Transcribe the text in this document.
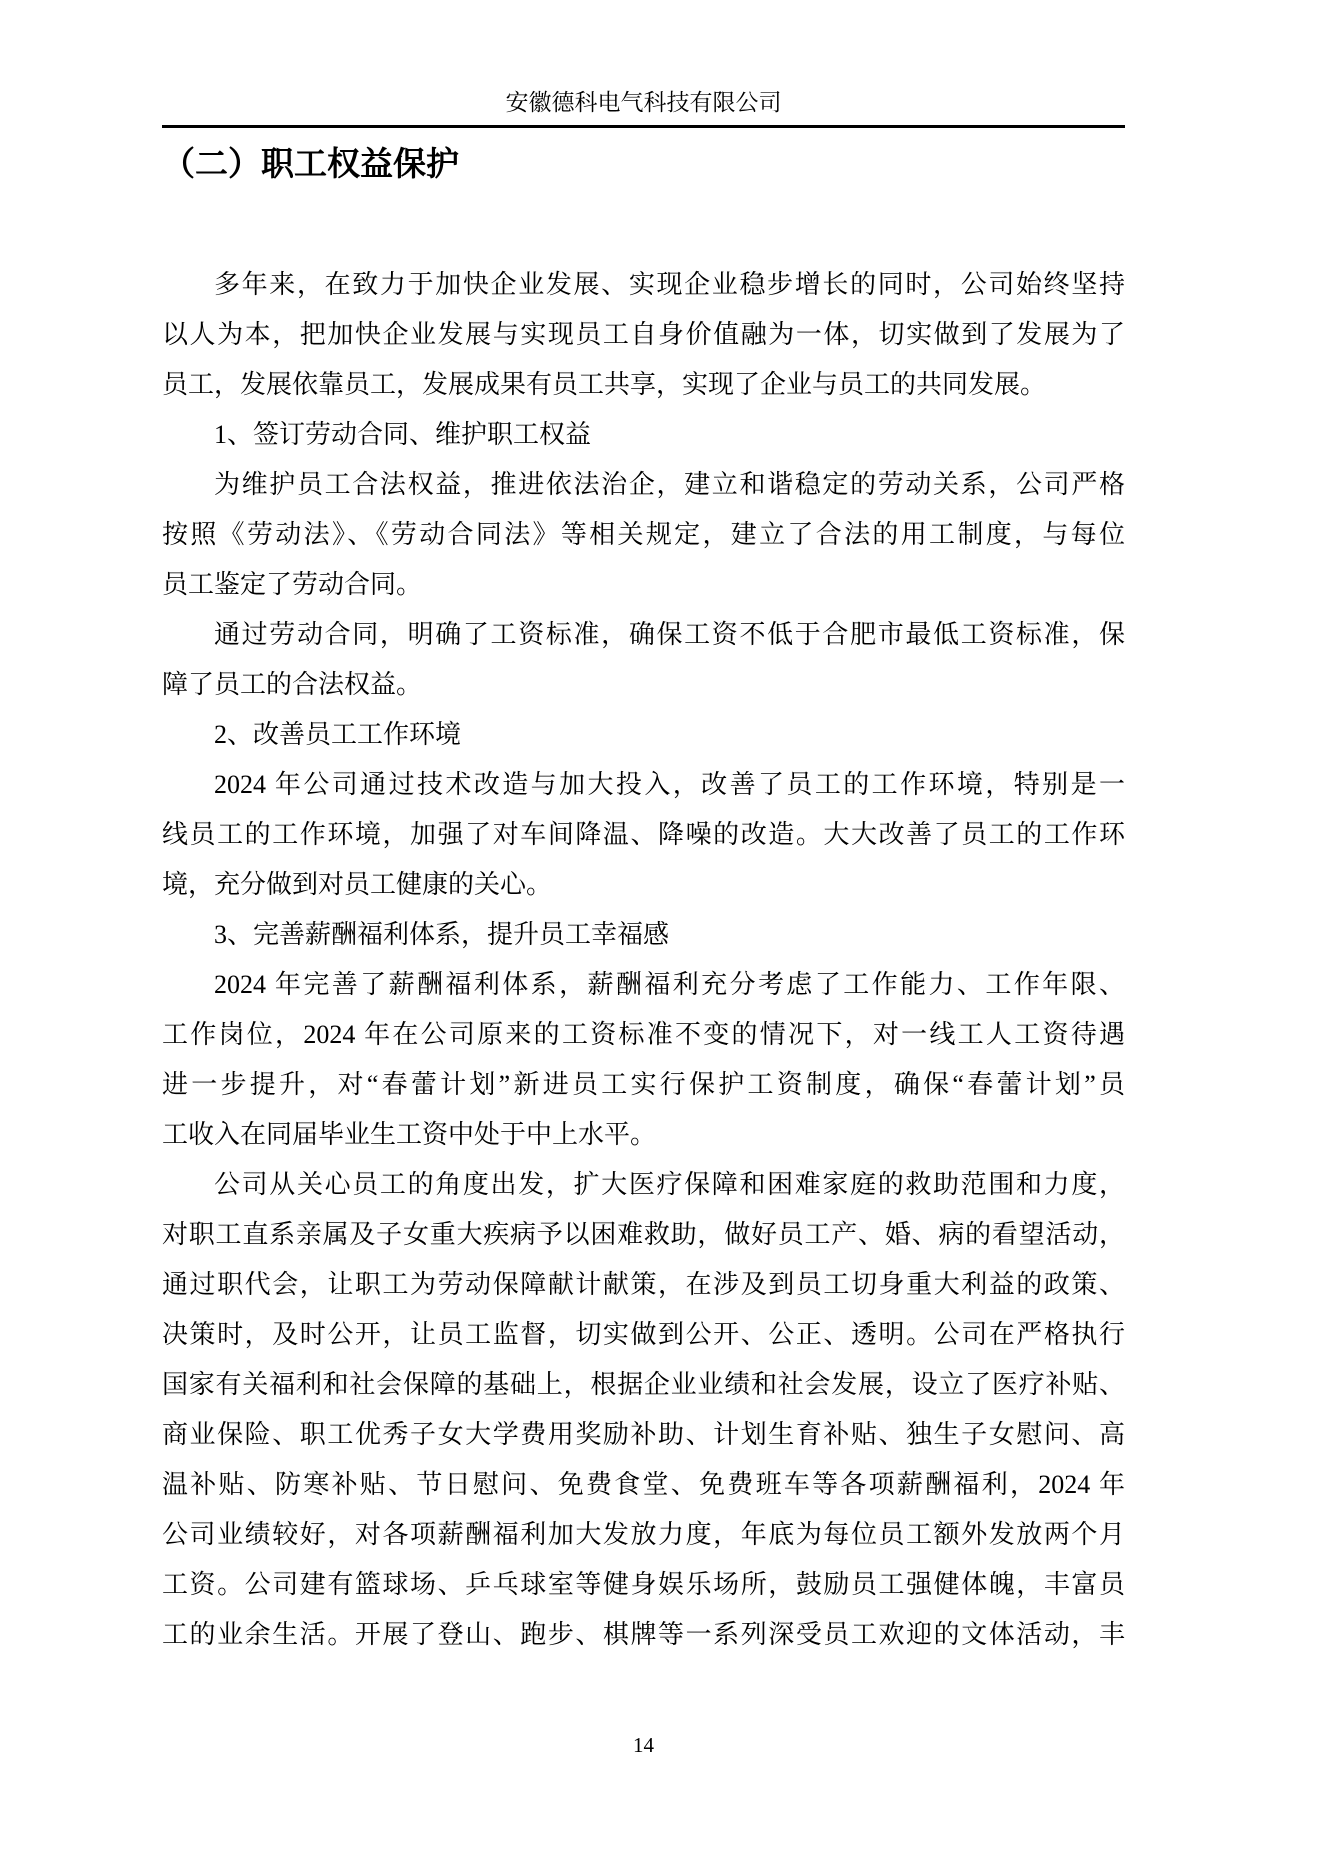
安徽德科电气科技有限公司
（二）职工权益保护
多年来，在致力于加快企业发展、实现企业稳步增长的同时，公司始终坚持
以人为本，把加快企业发展与实现员工自身价值融为一体，切实做到了发展为了
员工，发展依靠员工，发展成果有员工共享，实现了企业与员工的共同发展。
1、签订劳动合同、维护职工权益
为维护员工合法权益，推进依法治企，建立和谐稳定的劳动关系，公司严格
按照《劳动法》、《劳动合同法》等相关规定，建立了合法的用工制度，与每位
员工鉴定了劳动合同。
通过劳动合同，明确了工资标准，确保工资不低于合肥市最低工资标准，保
障了员工的合法权益。
2、改善员工工作环境
2024 年公司通过技术改造与加大投入，改善了员工的工作环境，特别是一
线员工的工作环境，加强了对车间降温、降噪的改造。大大改善了员工的工作环
境，充分做到对员工健康的关心。
3、完善薪酬福利体系，提升员工幸福感
2024 年完善了薪酬福利体系，薪酬福利充分考虑了工作能力、工作年限、
工作岗位，2024 年在公司原来的工资标准不变的情况下，对一线工人工资待遇
进一步提升，对“春蕾计划”新进员工实行保护工资制度，确保“春蕾计划”员
工收入在同届毕业生工资中处于中上水平。
公司从关心员工的角度出发，扩大医疗保障和困难家庭的救助范围和力度，
对职工直系亲属及子女重大疾病予以困难救助，做好员工产、婚、病的看望活动，
通过职代会，让职工为劳动保障献计献策，在涉及到员工切身重大利益的政策、
决策时，及时公开，让员工监督，切实做到公开、公正、透明。公司在严格执行
国家有关福利和社会保障的基础上，根据企业业绩和社会发展，设立了医疗补贴、
商业保险、职工优秀子女大学费用奖励补助、计划生育补贴、独生子女慰问、高
温补贴、防寒补贴、节日慰问、免费食堂、免费班车等各项薪酬福利，2024 年
公司业绩较好，对各项薪酬福利加大发放力度，年底为每位员工额外发放两个月
工资。公司建有篮球场、乒乓球室等健身娱乐场所，鼓励员工强健体魄，丰富员
工的业余生活。开展了登山、跑步、棋牌等一系列深受员工欢迎的文体活动，丰
14
